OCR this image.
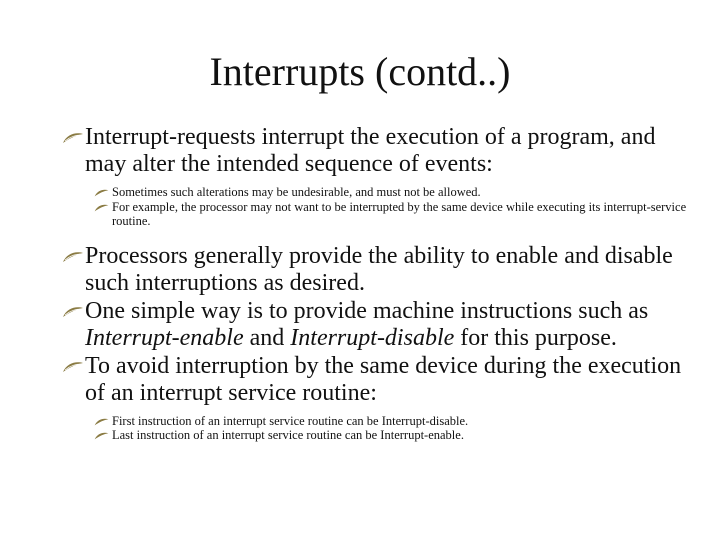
Interrupts (contd..)
Interrupt-requests interrupt the execution of a program, and may alter the intended sequence of events:
Sometimes such alterations may be undesirable, and must not be allowed.
For example, the processor may not want to be interrupted by the same device while executing its interrupt-service routine.
Processors generally provide the ability to enable and disable such interruptions as desired.
One simple way is to provide machine instructions such as Interrupt-enable and Interrupt-disable for this purpose.
To avoid interruption by the same device during the execution of an interrupt service routine:
First instruction of an interrupt service routine can be Interrupt-disable.
Last instruction of an interrupt service routine can be Interrupt-enable.
